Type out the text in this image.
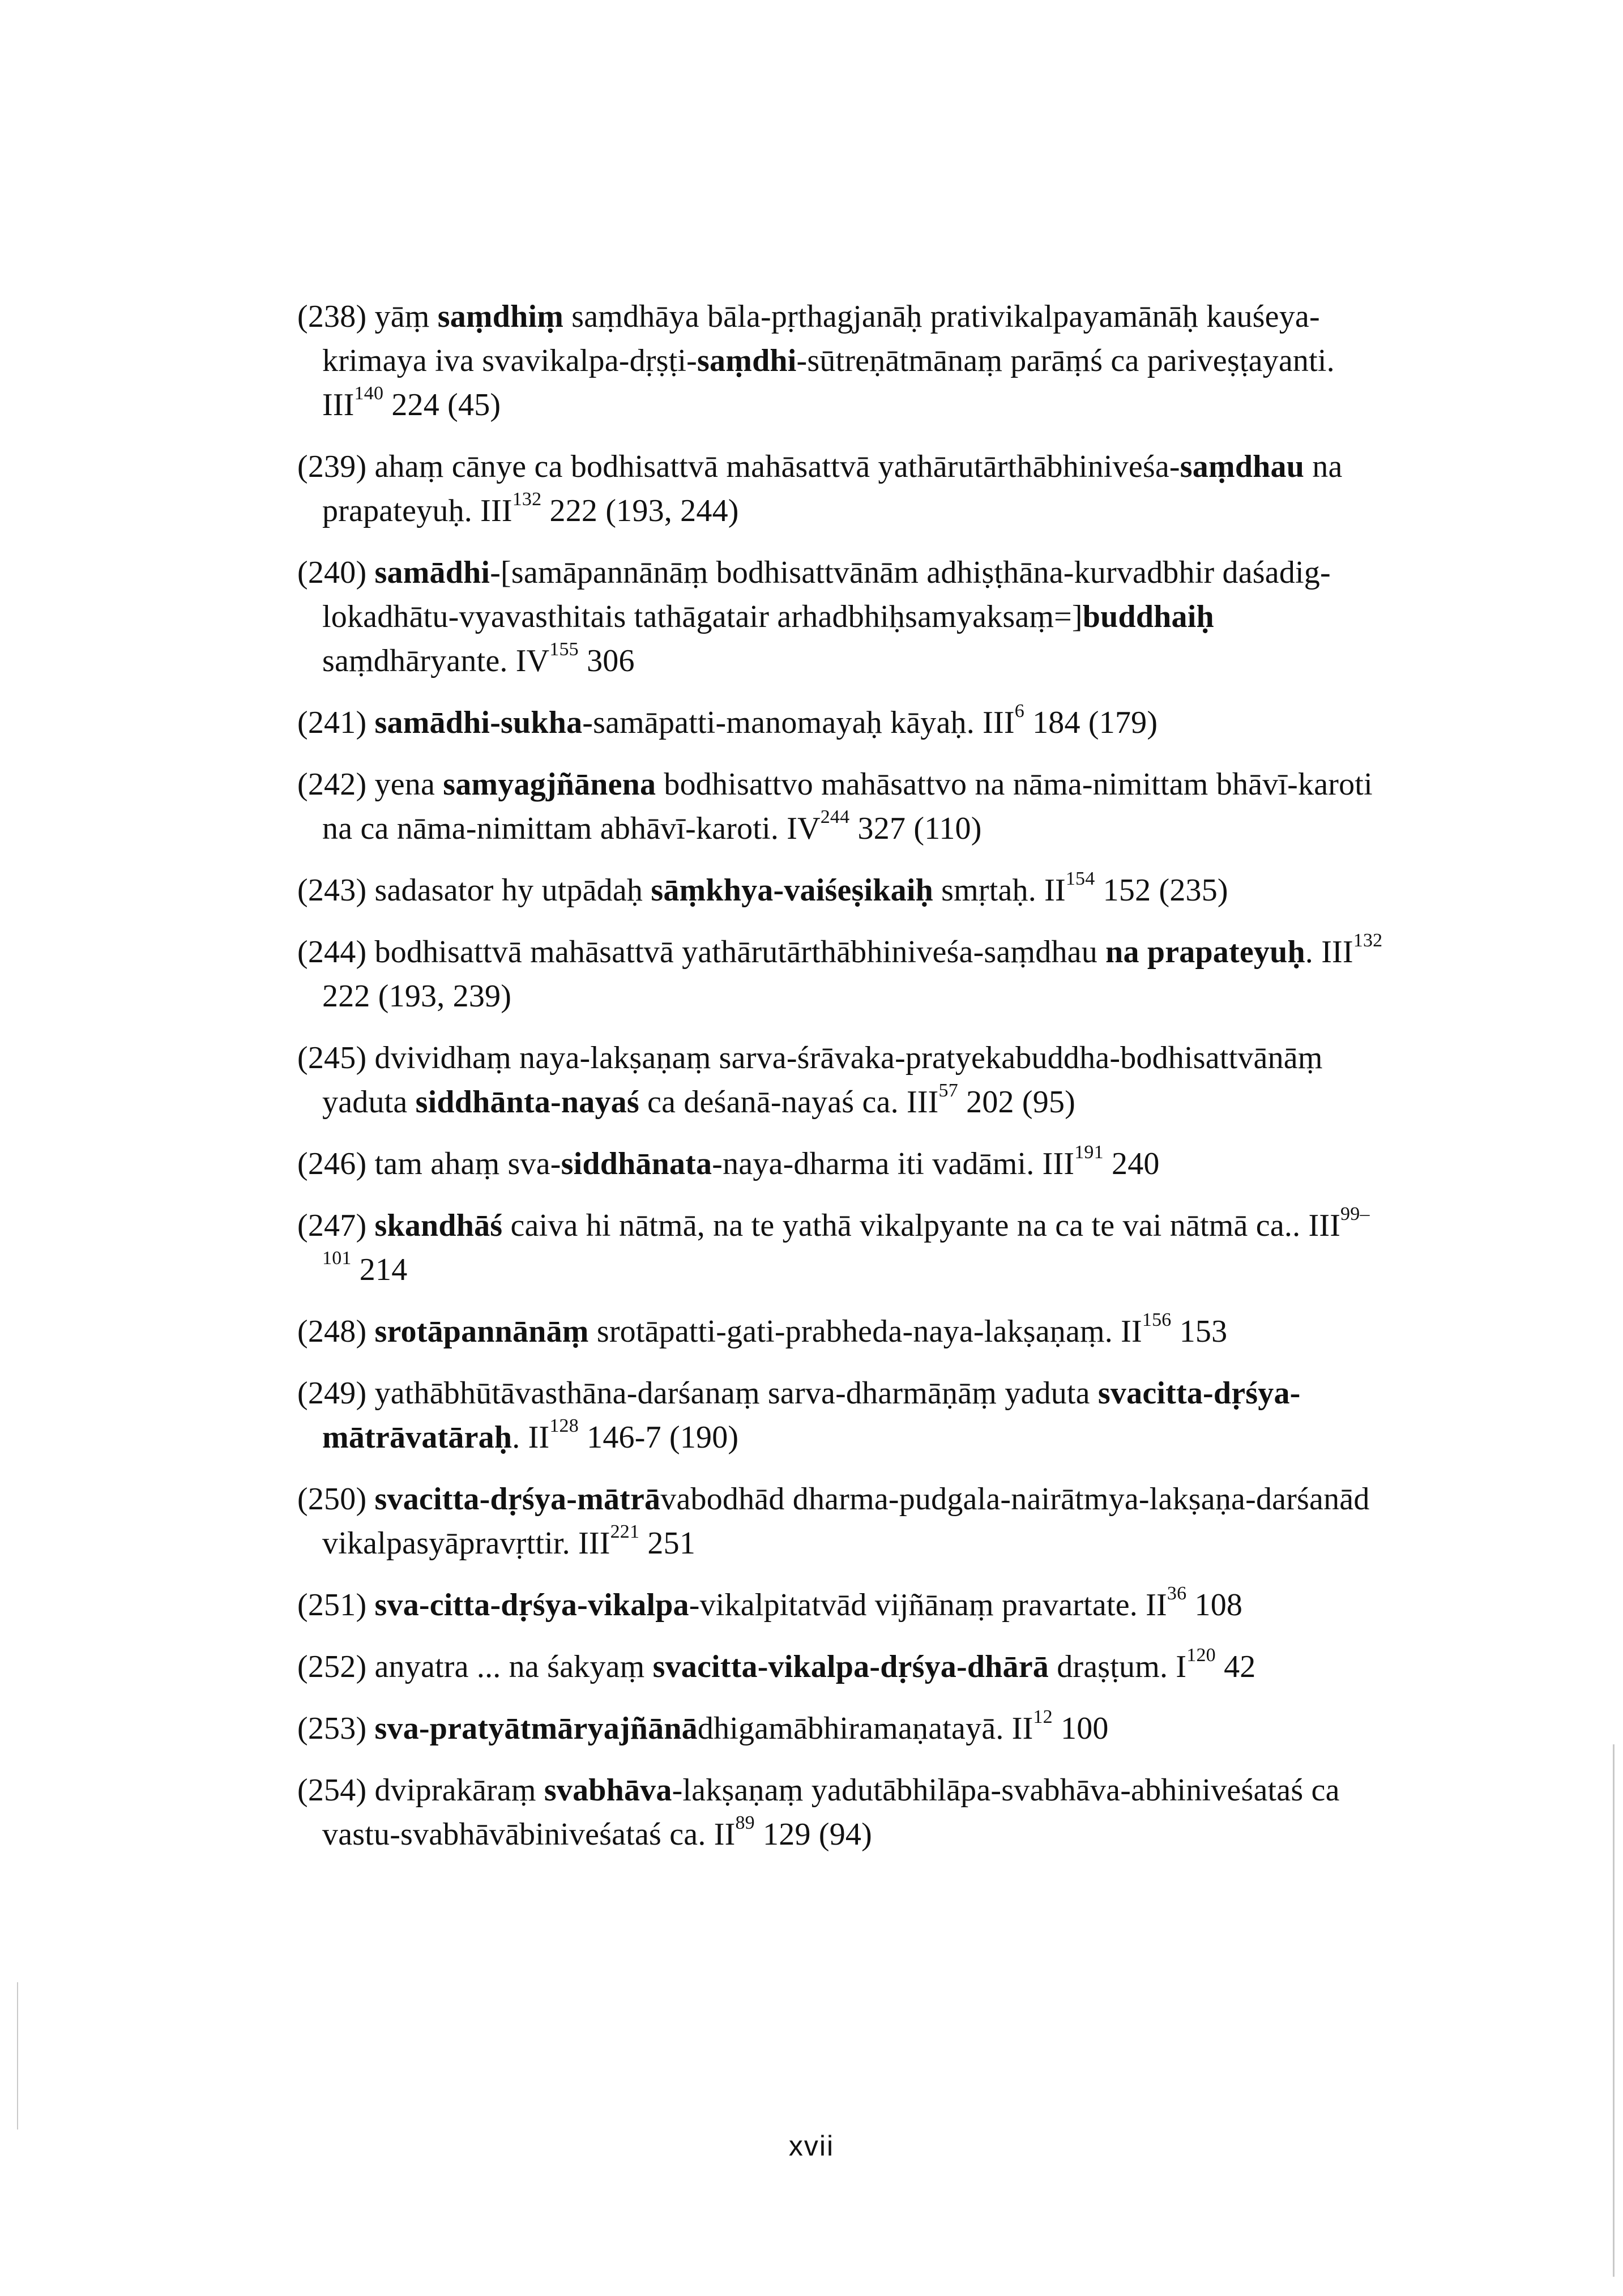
(238) yāṃ saṃdhiṃ saṃdhāya bāla-pṛthagjanāḥ prativikalpayamānāḥ kauśeya-krimaya iva svavikalpa-dṛṣṭi-saṃdhi-sūtreṇātmānaṃ parāṃś ca pariveṣṭayanti. III$^{140}$ 224 (45)

(239) ahaṃ cānye ca bodhisattvā mahāsattvā yathārutārthābhiniveśa-saṃdhau na prapateyuḥ. III$^{132}$ 222 (193, 244)

(240) samādhi-[samāpannānāṃ bodhisattvānām adhiṣṭhāna-kurvadbhir daśadig-lokadhātu-vyavasthitais tathāgatair arhadbhiḥsamyaksaṃ=]buddhaiḥ saṃdhāryante. IV$^{155}$ 306

(241) samādhi-sukha-samāpatti-manomayaḥ kāyaḥ. III$^6$ 184 (179)

(242) yena samyagjñānena bodhisattvo mahāsattvo na nāma-nimittam bhāvī-karoti na ca nāma-nimittam abhāvī-karoti. IV$^{244}$ 327 (110)

(243) sadasator hy utpādaḥ sāṃkhya-vaiśeṣikaiḥ smṛtaḥ. II$^{154}$ 152 (235)

(244) bodhisattvā mahāsattvā yathārutārthābhiniveśa-saṃdhau na prapateyuḥ. III$^{132}$ 222 (193, 239)

(245) dvividhaṃ naya-lakṣaṇaṃ sarva-śrāvaka-pratyekabuddha-bodhisattvānāṃ yaduta siddhānta-nayaś ca deśanā-nayaś ca. III$^{57}$ 202 (95)

(246) tam ahaṃ sva-siddhānata-naya-dharma iti vadāmi. III$^{191}$ 240

(247) skandhāś caiva hi nātmā, na te yathā vikalpyante na ca te vai nātmā ca.. III$^{99-101}$ 214

(248) srotāpannānāṃ srotāpatti-gati-prabheda-naya-lakṣaṇaṃ. II$^{156}$ 153

(249) yathābhūtāvasthāna-darśanaṃ sarva-dharmāṇāṃ yaduta svacitta-dṛśya-mātrāvatāraḥ. II$^{128}$ 146-7 (190)

(250) svacitta-dṛśya-mātrāvabodhād dharma-pudgala-nairātmya-lakṣaṇa-darśanād vikalpasyāpravṛttir. III$^{221}$ 251

(251) sva-citta-dṛśya-vikalpa-vikalpitatvād vijñānaṃ pravartate. II$^{36}$ 108

(252) anyatra ... na śakyaṃ svacitta-vikalpa-dṛśya-dhārā draṣṭum. $I^{120}$ 42

(253) sva-pratyātmāryajñānādhigamābhiramaṇatayā. II$^{12}$ 100

(254) dviprakāraṃ svabhāva-lakṣaṇaṃ yadutābhilāpa-svabhāva-abhiniveśataś ca vastu-svabhāvābiniveśataś ca. II$^{89}$ 129 (94)

xvii
